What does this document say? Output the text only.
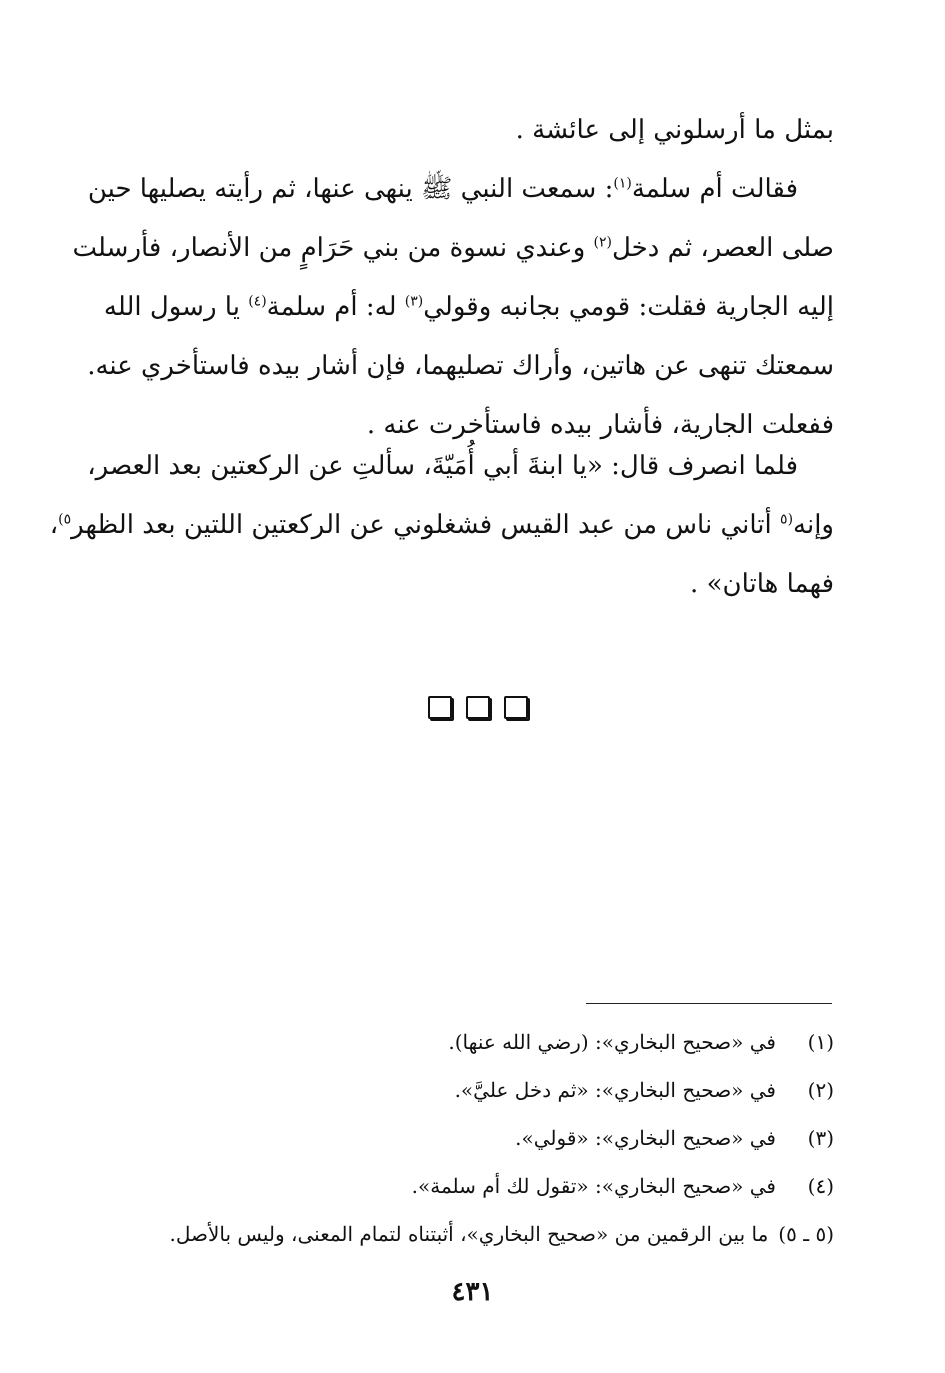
بمثل ما أرسلوني إلى عائشة .
فقالت أم سلمة$^{(١)}$: سمعت النبي ﷺ ينهى عنها، ثم رأيته يصليها حين
صلى العصر، ثم دخل$^{(٢)}$ وعندي نسوة من بني حَرَامٍ من الأنصار، فأرسلت
إليه الجارية فقلت: قومي بجانبه وقولي$^{(٣)}$ له: أم سلمة$^{(٤)}$ يا رسول الله
سمعتك تنهى عن هاتين، وأراك تصليهما، فإن أشار بيده فاستأخري عنه.
ففعلت الجارية، فأشار بيده فاستأخرت عنه .
فلما انصرف قال: «يا ابنةَ أبي أُمَيّةَ، سألتِ عن الركعتين بعد العصر،
وإنه$^{(٥}$ أتاني ناس من عبد القيس فشغلوني عن الركعتين اللتين بعد الظهر$^{٥)}$،
فهما هاتان» .
(١)
في «صحيح البخاري»: (رضي الله عنها).
(٢)
في «صحيح البخاري»: «ثم دخل عليَّ».
(٣)
في «صحيح البخاري»: «قولي».
(٤)
في «صحيح البخاري»: «تقول لك أم سلمة».
(٥ ـ ٥)
ما بين الرقمين من «صحيح البخاري»، أثبتناه لتمام المعنى، وليس بالأصل.
٤٣١
